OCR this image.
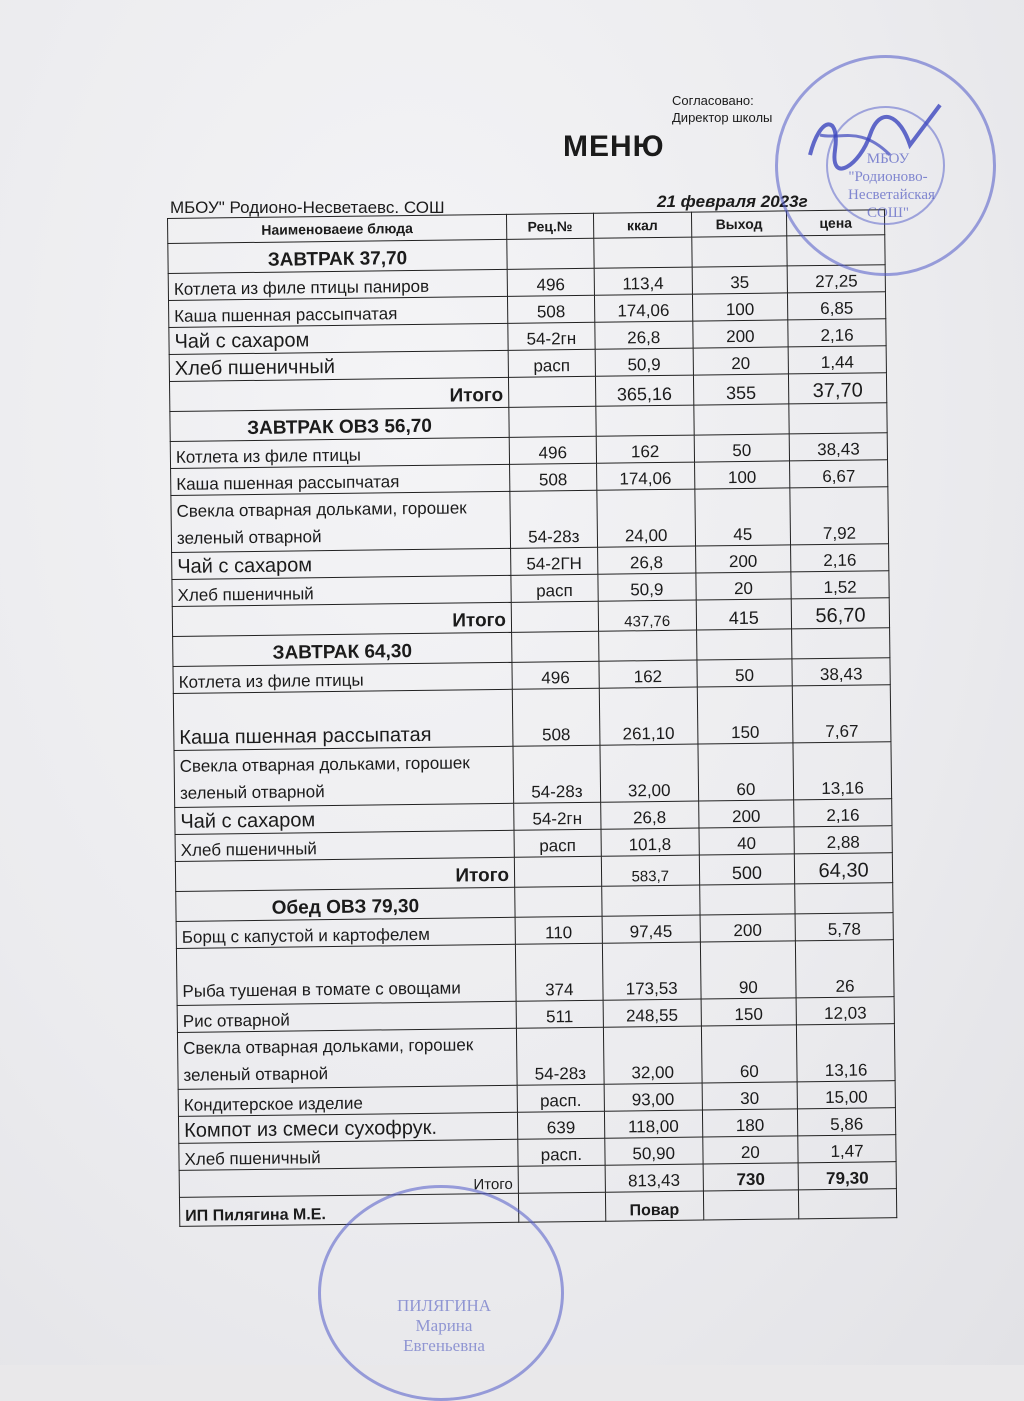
Согласовано:
Директор школы
МЕНЮ
МБОУ" Родионо-Несветаевс. СОШ	21 февраля 2023г
Наименоваеие блюда	Рец.№	ккал	Выход	цена
ЗАВТРАК 37,70				
Котлета из филе птицы паниров	496	113,4	35	27,25
Каша пшенная рассыпчатая	508	174,06	100	6,85
Чай с сахаром	54-2гн	26,8	200	2,16
Хлеб пшеничный	расп	50,9	20	1,44
Итого		365,16	355	37,70
ЗАВТРАК ОВЗ 56,70				
Котлета из филе птицы	496	162	50	38,43
Каша пшенная рассыпчатая	508	174,06	100	6,67
Свекла отварная дольками, горошек зеленый отварной	54-28з	24,00	45	7,92
Чай с сахаром	54-2ГН	26,8	200	2,16
Хлеб пшеничный	расп	50,9	20	1,52
Итого		437,76	415	56,70
ЗАВТРАК 64,30				
Котлета из филе птицы	496	162	50	38,43
Каша пшенная рассыпатая	508	261,10	150	7,67
Свекла отварная дольками, горошек зеленый отварной	54-28з	32,00	60	13,16
Чай с сахаром	54-2гн	26,8	200	2,16
Хлеб пшеничный	расп	101,8	40	2,88
Итого		583,7	500	64,30
Обед ОВЗ 79,30				
Борщ с капустой и картофелем	110	97,45	200	5,78
Рыба тушеная в томате с овощами	374	173,53	90	26
Рис отварной	511	248,55	150	12,03
Свекла отварная дольками, горошек зеленый отварной	54-28з	32,00	60	13,16
Кондитерское изделие	расп.	93,00	30	15,00
Компот из смеси сухофрук.	639	118,00	180	5,86
Хлеб пшеничный	расп.	50,90	20	1,47
Итого		813,43	730	79,30
ИП Пилягина М.Е.		Повар		
МБОУ "Родионово-Несветайская СОШ"
ПИЛЯГИНА Марина Евгеньевна
